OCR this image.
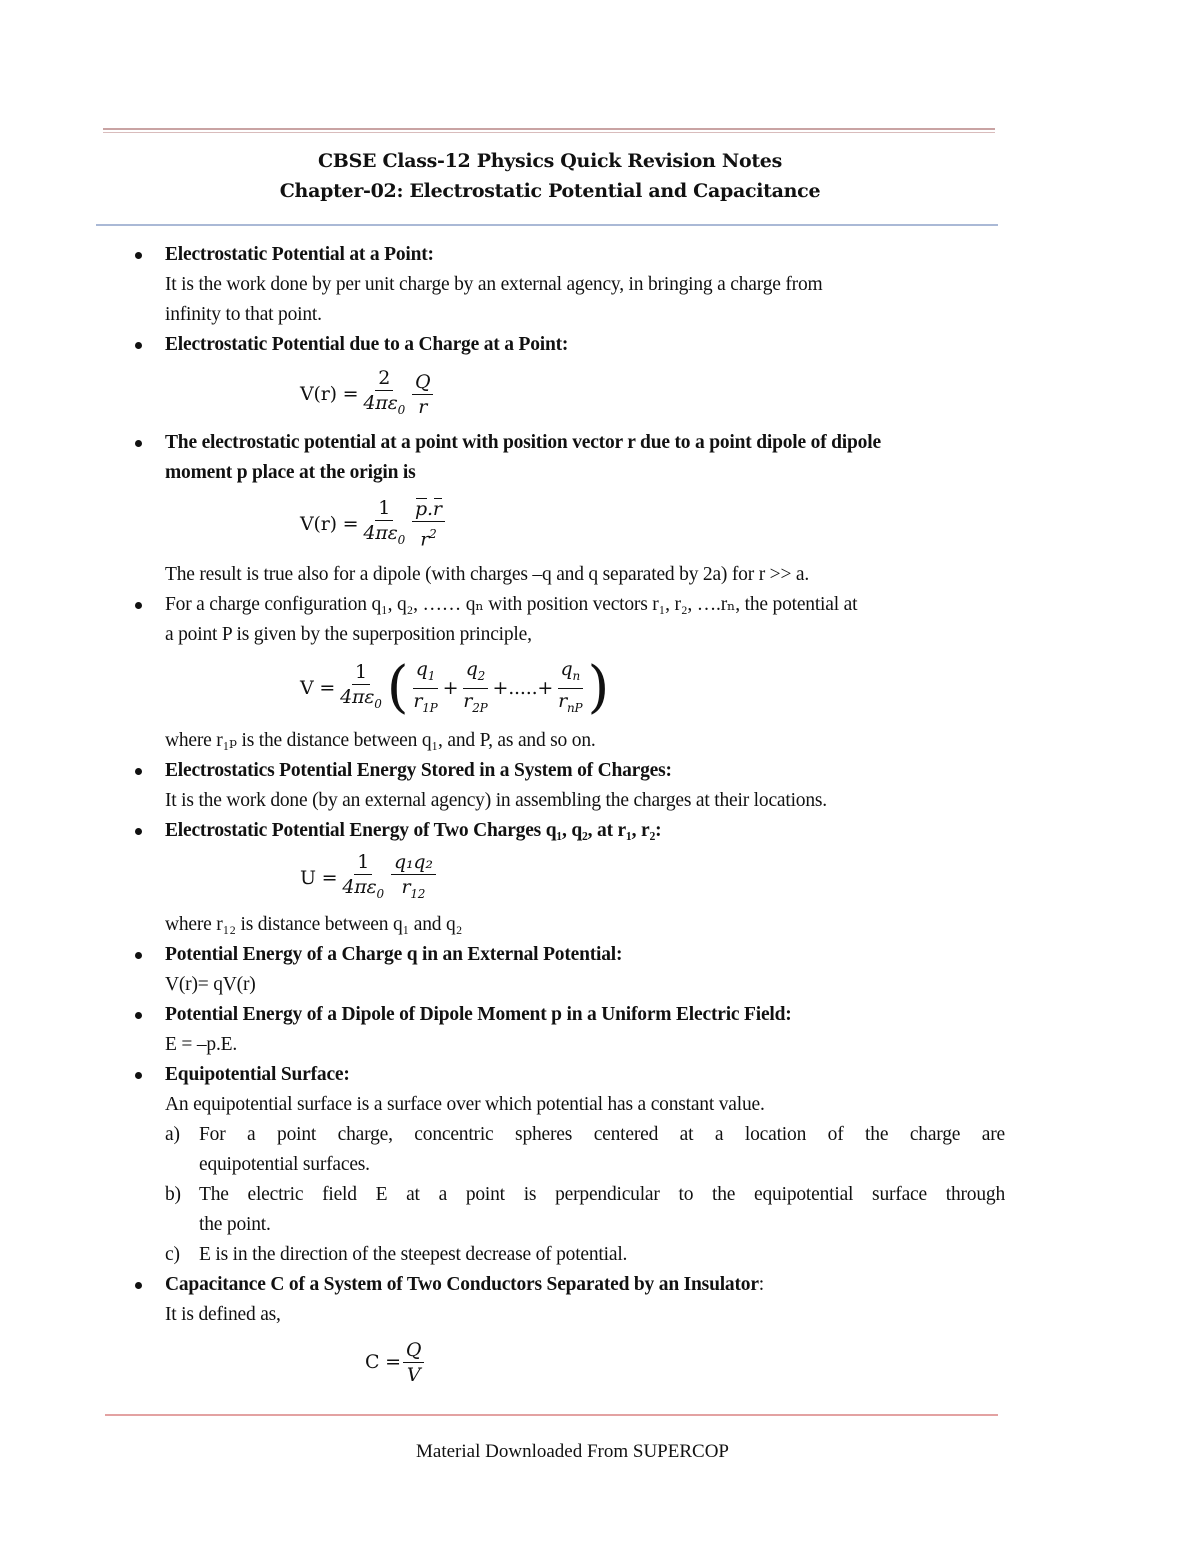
CBSE Class-12 Physics Quick Revision Notes
Chapter-02: Electrostatic Potential and Capacitance
Electrostatic Potential at a Point:
It is the work done by per unit charge by an external agency, in bringing a charge from
infinity to that point.
Electrostatic Potential due to a Charge at a Point:
$V(r) = \frac{2}{4\pi\varepsilon_0} \frac{Q}{r}$
The electrostatic potential at a point with position vector r due to a point dipole of dipole
moment p place at the origin is
$V(r) = \frac{1}{4\pi\varepsilon_0} \frac{p.r}{r^2}$
The result is true also for a dipole (with charges –q and q separated by 2a) for r >> a.
For a charge configuration q₁, q₂, …… qₙ with position vectors r₁, r₂, ….rₙ, the potential at
a point P is given by the superposition principle,
$V = \frac{1}{4\pi\varepsilon_0}$ ( $\frac{q_1}{r_{1P}} + \frac{q_2}{r_{2P}}$ +.....+ $\frac{q_n}{r_{nP}}$ )
where r₁ₚ is the distance between q₁, and P, as and so on.
Electrostatics Potential Energy Stored in a System of Charges:
It is the work done (by an external agency) in assembling the charges at their locations.
Electrostatic Potential Energy of Two Charges q₁, q₂, at r₁, r₂:
$U = \frac{1}{4\pi\varepsilon_0} \frac{\text{q₁q₂}}{r_{12}}$
where r₁₂ is distance between q₁ and q₂
Potential Energy of a Charge q in an External Potential:
V(r)= qV(r)
Potential Energy of a Dipole of Dipole Moment p in a Uniform Electric Field:
E = –p.E.
Equipotential Surface:
An equipotential surface is a surface over which potential has a constant value.
a) For a point charge, concentric spheres centered at a location of the charge are
equipotential surfaces.
b) The electric field E at a point is perpendicular to the equipotential surface through
the point.
c) E is in the direction of the steepest decrease of potential.
Capacitance C of a System of Two Conductors Separated by an Insulator:
It is defined as,
$C = \frac{Q}{V}$
Material Downloaded From SUPERCOP
